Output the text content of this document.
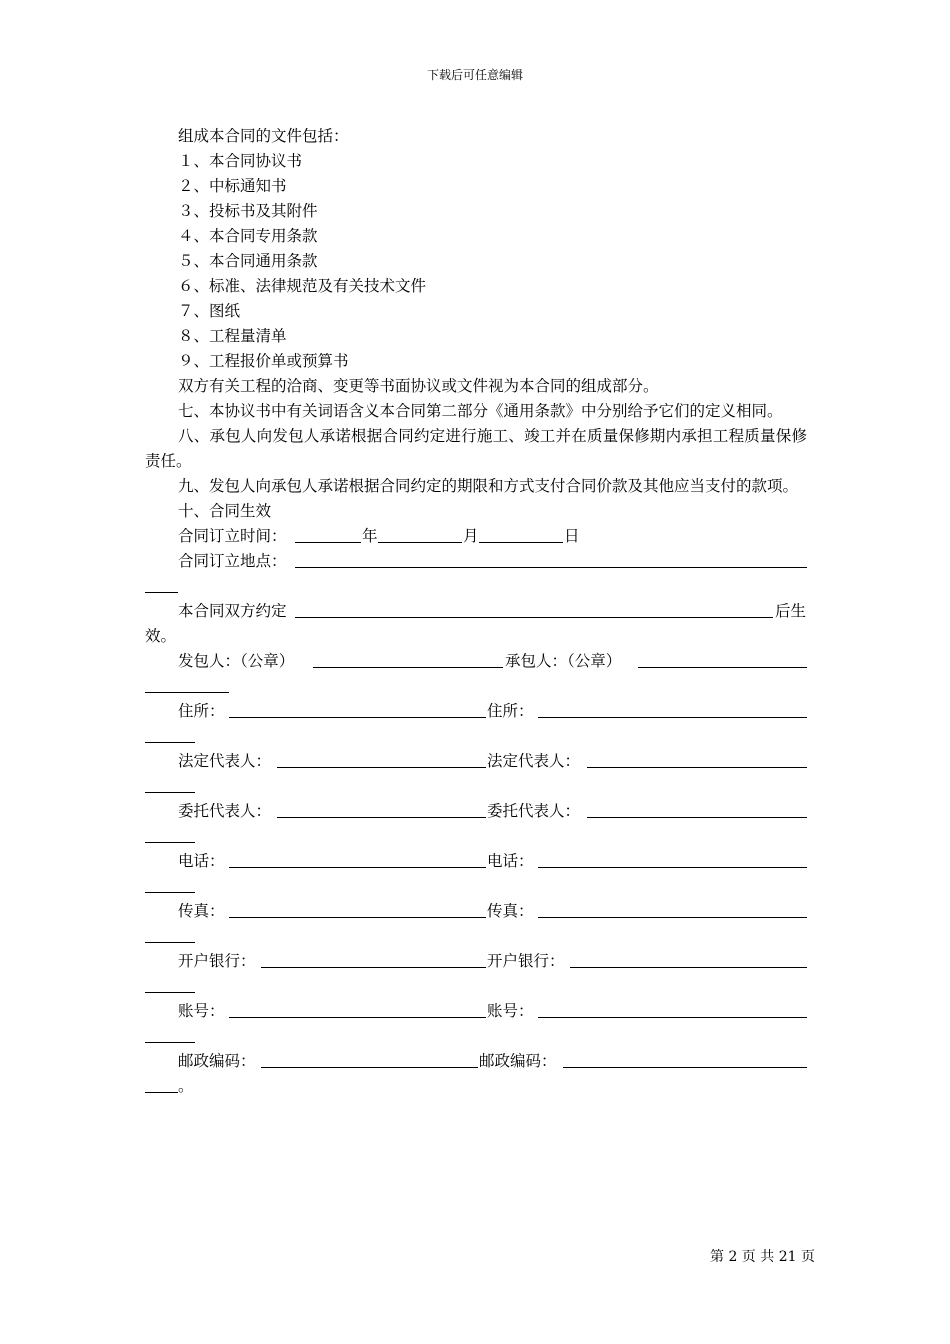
下载后可任意编辑

组成本合同的文件包括：

１、本合同协议书

２、中标通知书

３、投标书及其附件

４、本合同专用条款

５、本合同通用条款

６、标准、法律规范及有关技术文件

７、图纸

８、工程量清单

９、工程报价单或预算书

双方有关工程的洽商、变更等书面协议或文件视为本合同的组成部分。

七、本协议书中有关词语含义本合同第二部分《通用条款》中分别给予它们的定义相同。

八、承包人向发包人承诺根据合同约定进行施工、竣工并在质量保修期内承担工程质量保修责任。

九、发包人向承包人承诺根据合同约定的期限和方式支付合同价款及其他应当支付的款项。

十、合同生效

合同订立时间：	年	月	日
合同订立地点：
本合同双方约定	后生

效。

发包人：（公章）	承包人：（公章）
住所：	住所：
法定代表人：	法定代表人：
委托代表人：	委托代表人：
电话：	电话：
传真：	传真：
开户银行：	开户银行：
账号：	账号：
邮政编码：	邮政编码：
。
第 2 页 共 21 页
